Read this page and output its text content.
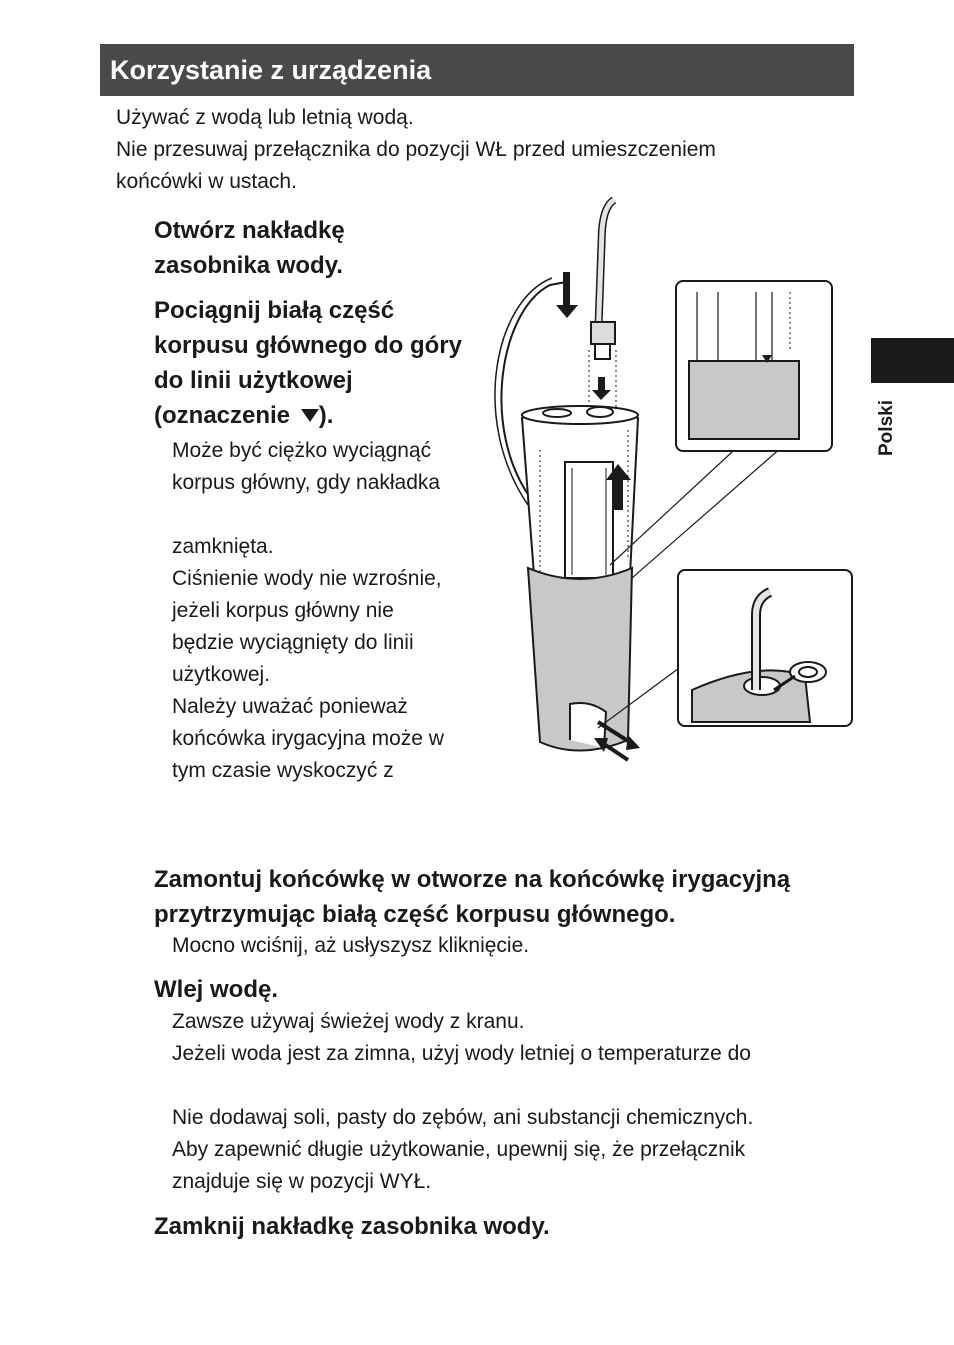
Korzystanie z urządzenia
Polski
Używać z wodą lub letnią wodą.
Nie przesuwaj przełącznika do pozycji WŁ przed umieszczeniem
końcówki w ustach.
Otwórz nakładkę
zasobnika wody.
Pociągnij białą część
korpusu głównego do góry
do linii użytkowej
(oznaczenie ).
Może być ciężko wyciągnąć
korpus główny, gdy nakładka
zamknięta.
Ciśnienie wody nie wzrośnie,
jeżeli korpus główny nie
będzie wyciągnięty do linii
użytkowej.
Należy uważać ponieważ
końcówka irygacyjna może w
tym czasie wyskoczyć z
Zamontuj końcówkę w otworze na końcówkę irygacyjną
przytrzymując białą część korpusu głównego.
Mocno wciśnij, aż usłyszysz kliknięcie.
Wlej wodę.
Zawsze używaj świeżej wody z kranu.
Jeżeli woda jest za zimna, użyj wody letniej o temperaturze do
Nie dodawaj soli, pasty do zębów, ani substancji chemicznych.
Aby zapewnić długie użytkowanie, upewnij się, że przełącznik
znajduje się w pozycji WYŁ.
Zamknij nakładkę zasobnika wody.
